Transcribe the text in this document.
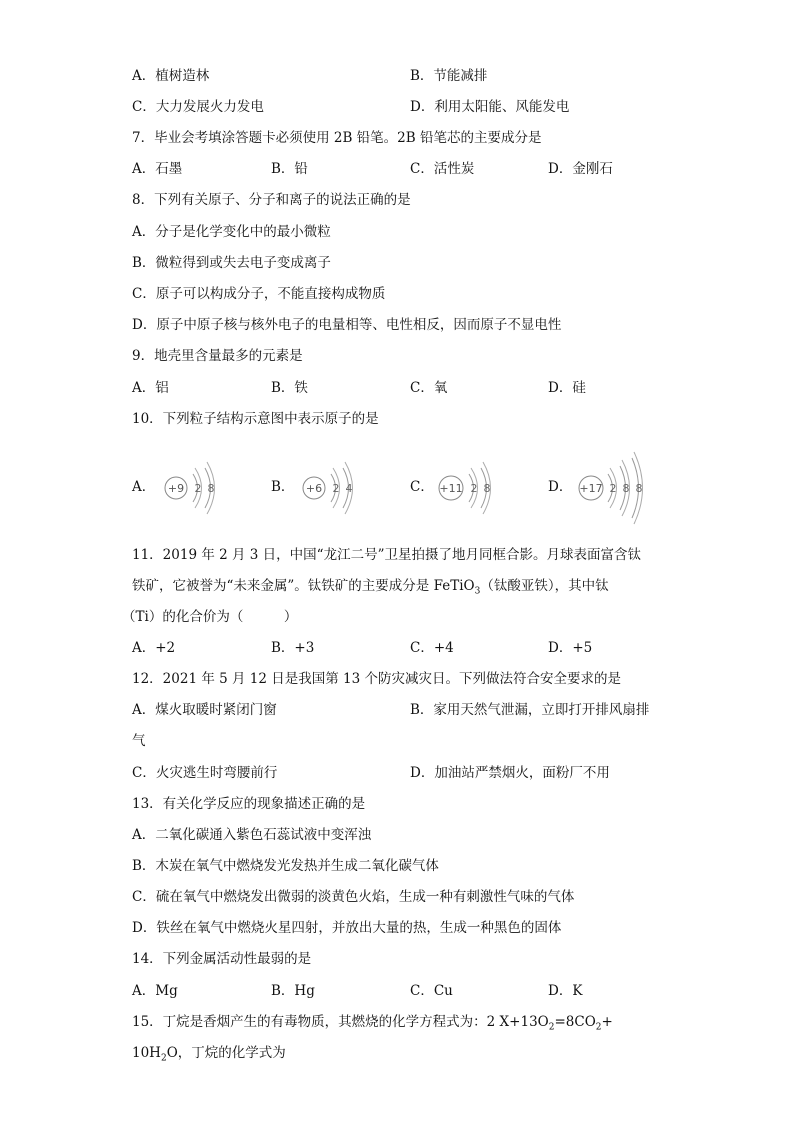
A．植树造林	B．节能减排
C．大力发展火力发电	D．利用太阳能、风能发电
7．毕业会考填涂答题卡必须使用 2B 铅笔。2B 铅笔芯的主要成分是
A．石墨	B．铅	C．活性炭	D．金刚石
8．下列有关原子、分子和离子的说法正确的是
A．分子是化学变化中的最小微粒
B．微粒得到或失去电子变成离子
C．原子可以构成分子，不能直接构成物质
D．原子中原子核与核外电子的电量相等、电性相反，因而原子不显电性
9．地壳里含量最多的元素是
A．铝	B．铁	C．氧	D．硅
10．下列粒子结构示意图中表示原子的是
A．	B．	C．	D．
+9 2 8	+6 2 4	+11 2 8	+17 2 8 8
11．2019 年 2 月 3 日，中国“龙江二号”卫星拍摄了地月同框合影。月球表面富含钛
铁矿，它被誉为“未来金属”。钛铁矿的主要成分是 FeTiO$_3$（钛酸亚铁），其中钛
（Ti）的化合价为（　　　）
A．+2	B．+3	C．+4	D．+5
12．2021 年 5 月 12 日是我国第 13 个防灾减灾日。下列做法符合安全要求的是
A．煤火取暖时紧闭门窗	B．家用天然气泄漏，立即打开排风扇排
气
C．火灾逃生时弯腰前行	D．加油站严禁烟火，面粉厂不用
13．有关化学反应的现象描述正确的是
A．二氧化碳通入紫色石蕊试液中变浑浊
B．木炭在氧气中燃烧发光发热并生成二氧化碳气体
C．硫在氧气中燃烧发出微弱的淡黄色火焰，生成一种有刺激性气味的气体
D．铁丝在氧气中燃烧火星四射，并放出大量的热，生成一种黑色的固体
14．下列金属活动性最弱的是
A．Mg	B．Hg	C．Cu	D．K
15．丁烷是香烟产生的有毒物质，其燃烧的化学方程式为：2 $X+13O_2=8CO_2+$
$10H_2O$，丁烷的化学式为
